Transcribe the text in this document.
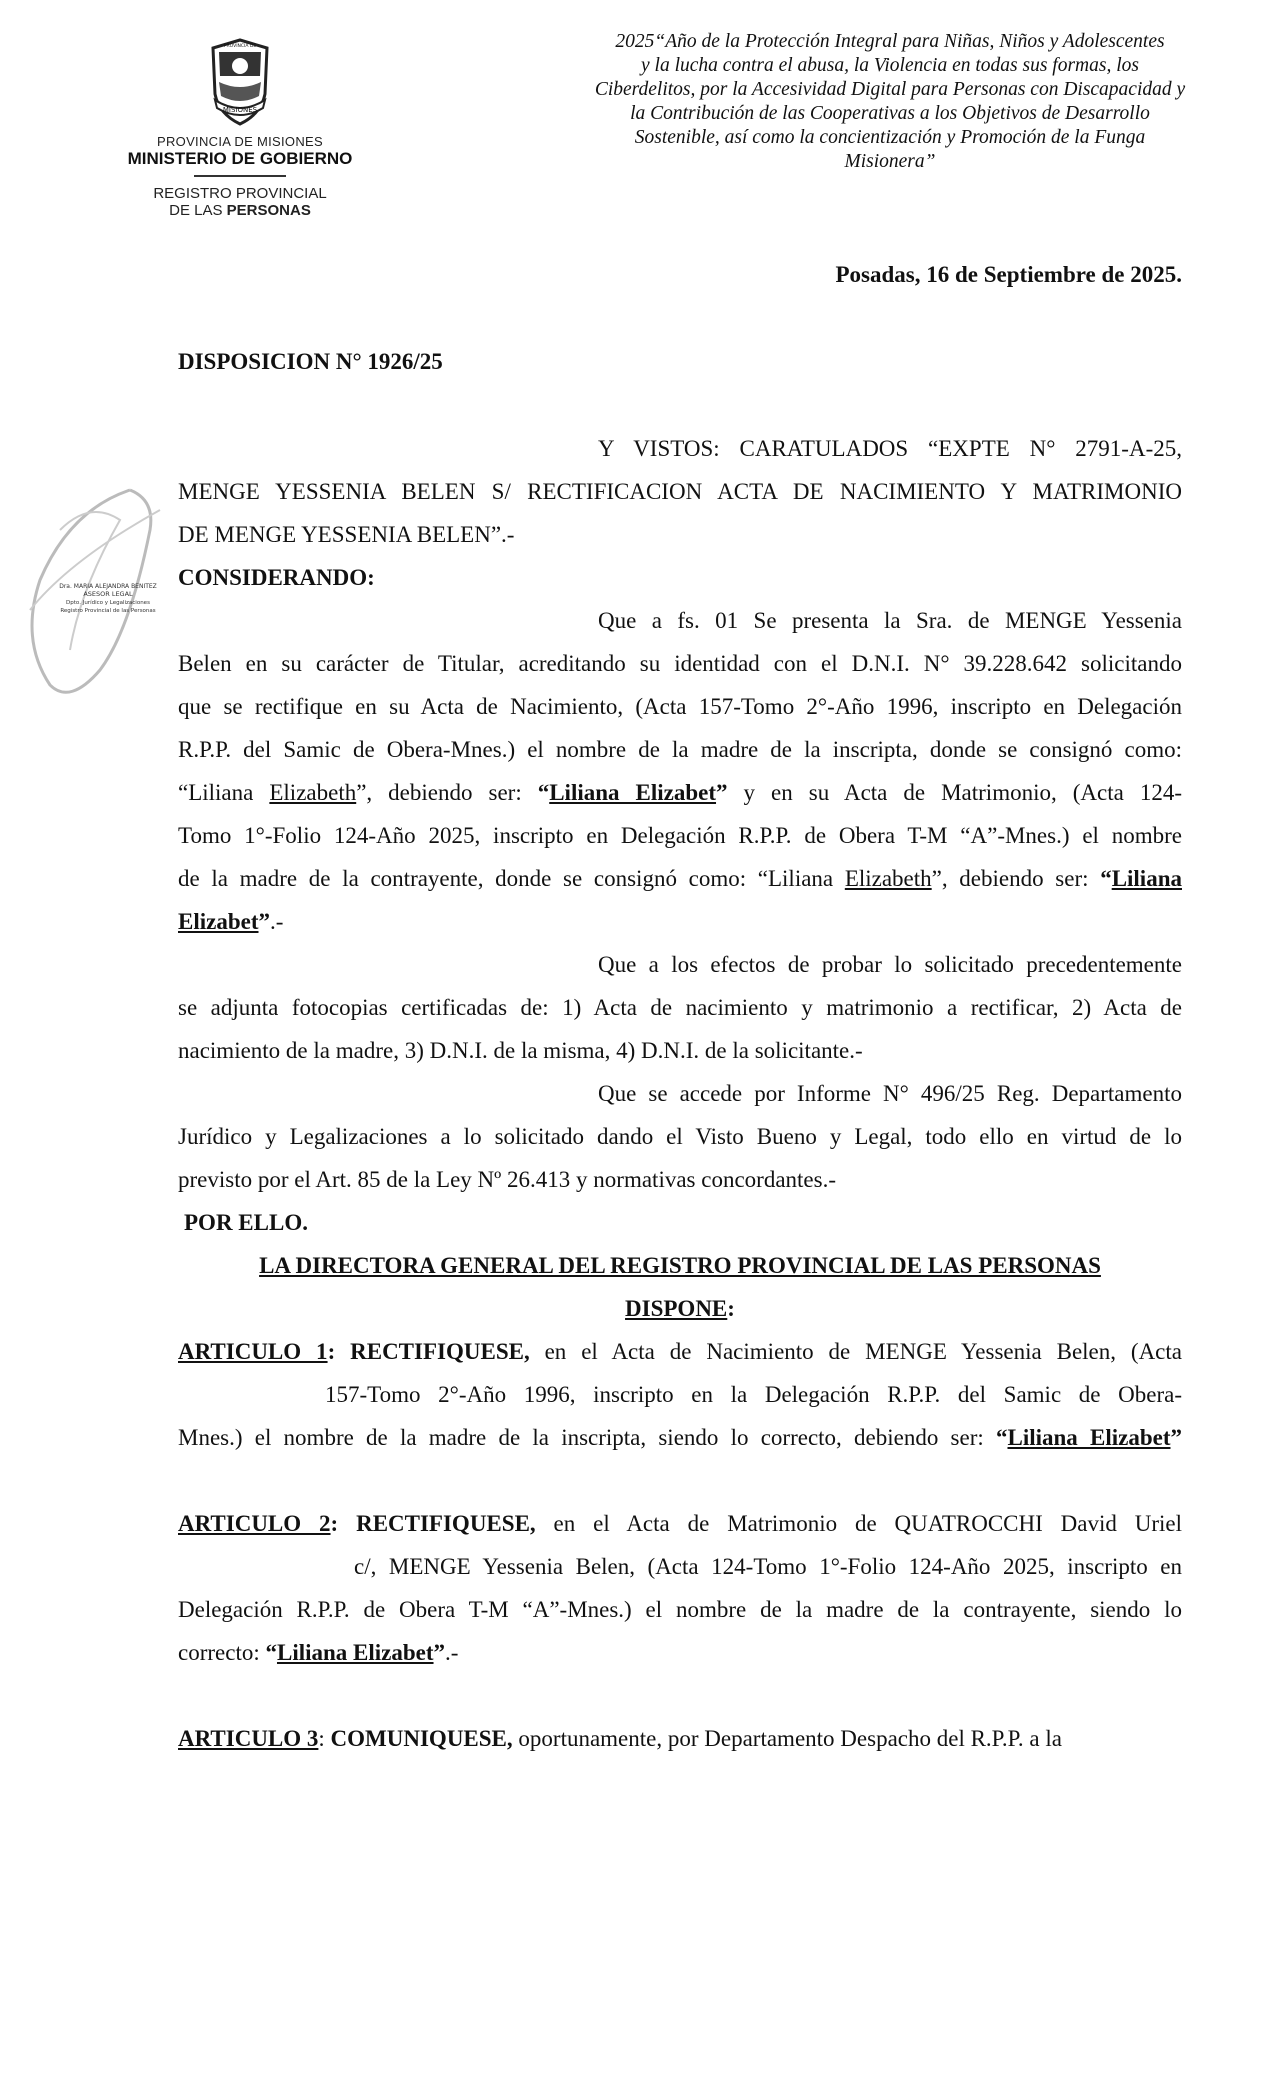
MISIONES
PROVINCIA DE
PROVINCIA DE MISIONES
MINISTERIO DE GOBIERNO
REGISTRO PROVINCIAL
DE LAS PERSONAS
2025“Año de la Protección Integral para Niñas, Niños y Adolescentes
y la lucha contra el abusa, la Violencia en todas sus formas, los
Ciberdelitos, por la Accesividad Digital para Personas con Discapacidad y
la Contribución de las Cooperativas a los Objetivos de Desarrollo
Sostenible, así como la concientización y Promoción de la Funga
Misionera”
Posadas, 16 de Septiembre de 2025.
DISPOSICION N° 1926/25
Dra. MARIA ALEJANDRA BENITEZ
ASESOR LEGAL
Dpto. Jurídico y Legalizaciones
Registro Provincial de las Personas
Y VISTOS: CARATULADOS “EXPTE N° 2791-A-25,
MENGE YESSENIA BELEN S/ RECTIFICACION ACTA DE NACIMIENTO Y MATRIMONIO
DE MENGE YESSENIA BELEN”.-
CONSIDERANDO:
Que a fs. 01 Se presenta la Sra. de MENGE Yessenia
Belen en su carácter de Titular, acreditando su identidad con el D.N.I. N° 39.228.642 solicitando
que se rectifique en su Acta de Nacimiento, (Acta 157-Tomo 2°-Año 1996, inscripto en Delegación
R.P.P. del Samic de Obera-Mnes.) el nombre de la madre de la inscripta, donde se consignó como:
“Liliana Elizabeth”, debiendo ser: “Liliana Elizabet” y en su Acta de Matrimonio, (Acta 124-
Tomo 1°-Folio 124-Año 2025, inscripto en Delegación R.P.P. de Obera T-M “A”-Mnes.) el nombre
de la madre de la contrayente, donde se consignó como: “Liliana Elizabeth”, debiendo ser: “Liliana
Elizabet”.-
Que a los efectos de probar lo solicitado precedentemente
se adjunta fotocopias certificadas de: 1) Acta de nacimiento y matrimonio a rectificar, 2) Acta de
nacimiento de la madre, 3) D.N.I. de la misma, 4) D.N.I. de la solicitante.-
Que se accede por Informe N° 496/25 Reg. Departamento
Jurídico y Legalizaciones a lo solicitado dando el Visto Bueno y Legal, todo ello en virtud de lo
previsto por el Art. 85 de la Ley Nº 26.413 y normativas concordantes.-
POR ELLO.
LA DIRECTORA GENERAL DEL REGISTRO PROVINCIAL DE LAS PERSONAS
DISPONE:
ARTICULO 1: RECTIFIQUESE, en el Acta de Nacimiento de MENGE Yessenia Belen, (Acta
157-Tomo 2°-Año 1996, inscripto en la Delegación R.P.P. del Samic de Obera-
Mnes.) el nombre de la madre de la inscripta, siendo lo correcto, debiendo ser: “Liliana Elizabet”
ARTICULO 2: RECTIFIQUESE, en el Acta de Matrimonio de QUATROCCHI David Uriel
c/, MENGE Yessenia Belen, (Acta 124-Tomo 1°-Folio 124-Año 2025, inscripto en
Delegación R.P.P. de Obera T-M “A”-Mnes.) el nombre de la madre de la contrayente, siendo lo
correcto: “Liliana Elizabet”.-
ARTICULO 3: COMUNIQUESE, oportunamente, por Departamento Despacho del R.P.P. a la
